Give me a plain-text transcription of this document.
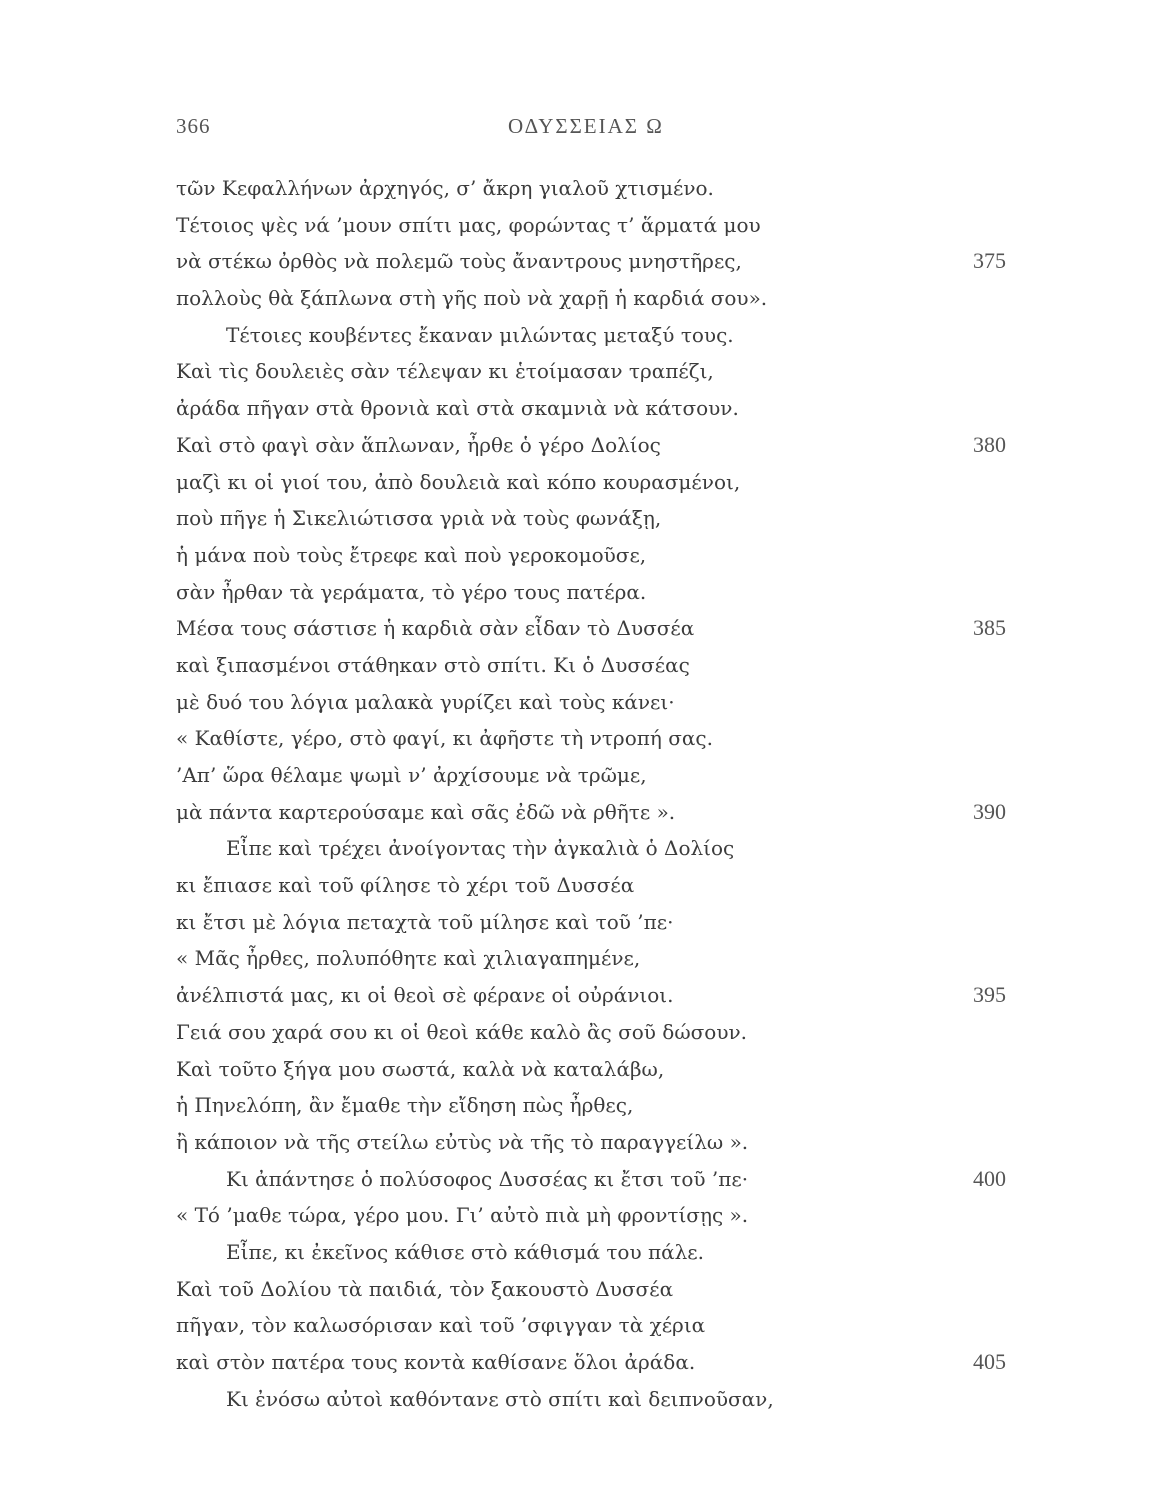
366	ΟΔΥΣΣΕΙΑΣ Ω
τῶν Κεφαλλήνων ἀρχηγός, σ’ ἄκρη γιαλοῦ χτισμένο.
Τέτοιος ψὲς νά ’μουν σπίτι μας, φορώντας τ’ ἅρματά μου
νὰ στέκω ὀρθὸς νὰ πολεμῶ τοὺς ἄναντρους μνηστῆρες,	375
πολλοὺς θὰ ξάπλωνα στὴ γῆς ποὺ νὰ χαρῇ ἡ καρδιά σου».
Τέτοιες κουβέντες ἔκαναν μιλώντας μεταξύ τους.
Καὶ τὶς δουλειὲς σὰν τέλεψαν κι ἑτοίμασαν τραπέζι,
ἀράδα πῆγαν στὰ θρονιὰ καὶ στὰ σκαμνιὰ νὰ κάτσουν.
Καὶ στὸ φαγὶ σὰν ἅπλωναν, ἦρθε ὁ γέρο Δολίος	380
μαζὶ κι οἱ γιοί του, ἀπὸ δουλειὰ καὶ κόπο κουρασμένοι,
ποὺ πῆγε ἡ Σικελιώτισσα γριὰ νὰ τοὺς φωνάξῃ,
ἡ μάνα ποὺ τοὺς ἔτρεφε καὶ ποὺ γεροκομοῦσε,
σὰν ἦρθαν τὰ γεράματα, τὸ γέρο τους πατέρα.
Μέσα τους σάστισε ἡ καρδιὰ σὰν εἶδαν τὸ Δυσσέα	385
καὶ ξιπασμένοι στάθηκαν στὸ σπίτι. Κι ὁ Δυσσέας
μὲ δυό του λόγια μαλακὰ γυρίζει καὶ τοὺς κάνει·
« Καθίστε, γέρο, στὸ φαγί, κι ἀφῆστε τὴ ντροπή σας.
’Απ’ ὥρα θέλαμε ψωμὶ ν’ ἀρχίσουμε νὰ τρῶμε,
μὰ πάντα καρτερούσαμε καὶ σᾶς ἐδῶ νὰ ρθῆτε ».	390
Εἶπε καὶ τρέχει ἀνοίγοντας τὴν ἀγκαλιὰ ὁ Δολίος
κι ἔπιασε καὶ τοῦ φίλησε τὸ χέρι τοῦ Δυσσέα
κι ἔτσι μὲ λόγια πεταχτὰ τοῦ μίλησε καὶ τοῦ ’πε·
« Μᾶς ἦρθες, πολυπόθητε καὶ χιλιαγαπημένε,
ἀνέλπιστά μας, κι οἱ θεοὶ σὲ φέρανε οἱ οὐράνιοι.	395
Γειά σου χαρά σου κι οἱ θεοὶ κάθε καλὸ ἂς σοῦ δώσουν.
Καὶ τοῦτο ξήγα μου σωστά, καλὰ νὰ καταλάβω,
ἡ Πηνελόπη, ἂν ἔμαθε τὴν εἴδηση πὼς ἦρθες,
ἢ κάποιον νὰ τῆς στείλω εὐτὺς νὰ τῆς τὸ παραγγείλω ».
Κι ἀπάντησε ὁ πολύσοφος Δυσσέας κι ἔτσι τοῦ ’πε·	400
« Τό ’μαθε τώρα, γέρο μου. Γι’ αὐτὸ πιὰ μὴ φροντίσῃς ».
Εἶπε, κι ἐκεῖνος κάθισε στὸ κάθισμά του πάλε.
Καὶ τοῦ Δολίου τὰ παιδιά, τὸν ξακουστὸ Δυσσέα
πῆγαν, τὸν καλωσόρισαν καὶ τοῦ ’σφιγγαν τὰ χέρια
καὶ στὸν πατέρα τους κοντὰ καθίσανε ὅλοι ἀράδα.	405
Κι ἐνόσω αὐτοὶ καθόντανε στὸ σπίτι καὶ δειπνοῦσαν,
